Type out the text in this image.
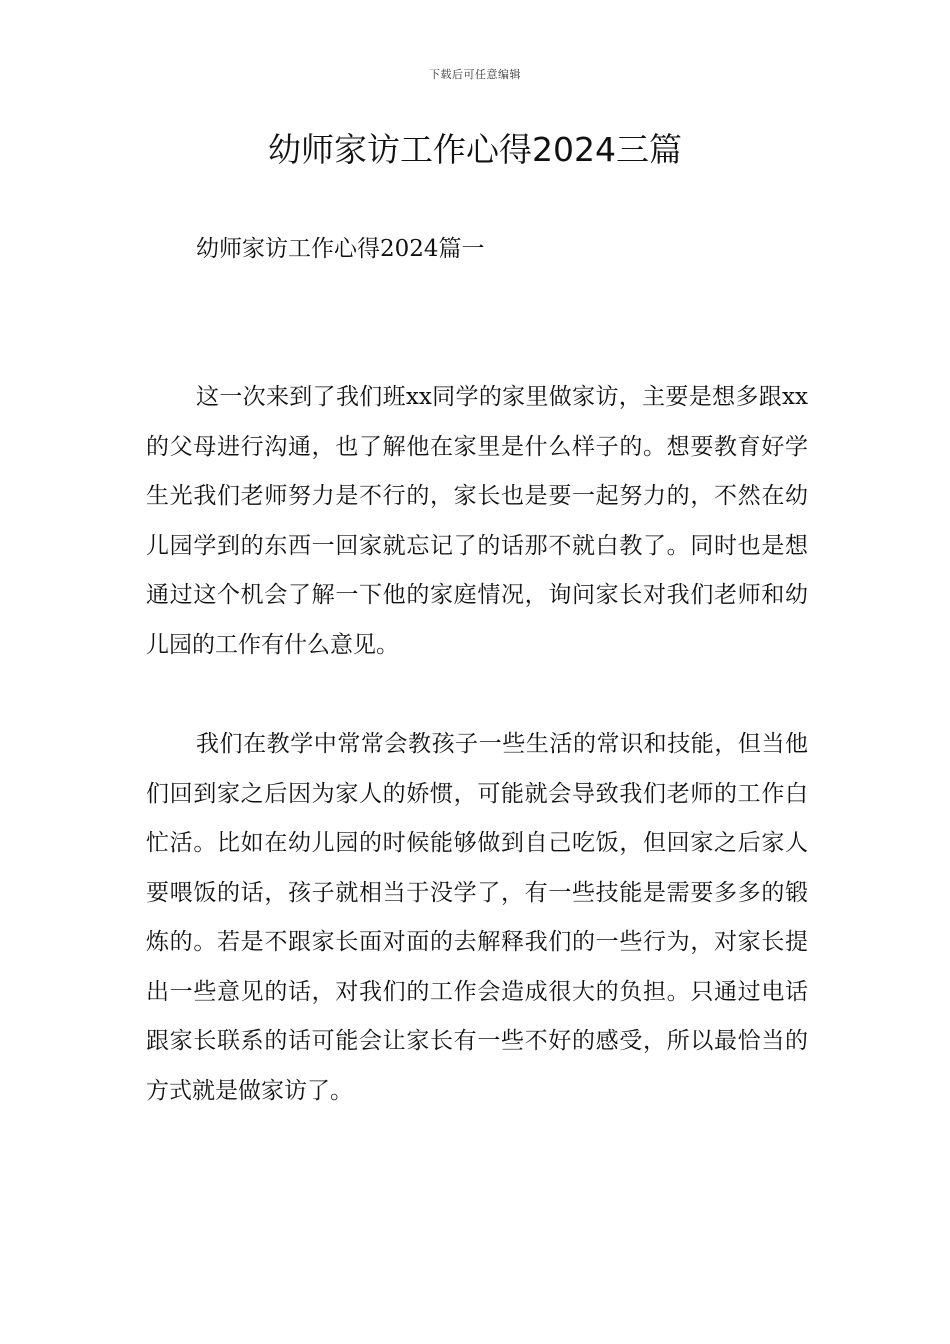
下载后可任意编辑
幼师家访工作心得2024三篇
幼师家访工作心得2024篇一

这一次来到了我们班xx同学的家里做家访，主要是想多跟xx的父母进行沟通，也了解他在家里是什么样子的。想要教育好学生光我们老师努力是不行的，家长也是要一起努力的，不然在幼儿园学到的东西一回家就忘记了的话那不就白教了。同时也是想通过这个机会了解一下他的家庭情况，询问家长对我们老师和幼儿园的工作有什么意见。

我们在教学中常常会教孩子一些生活的常识和技能，但当他们回到家之后因为家人的娇惯，可能就会导致我们老师的工作白忙活。比如在幼儿园的时候能够做到自己吃饭，但回家之后家人要喂饭的话，孩子就相当于没学了，有一些技能是需要多多的锻炼的。若是不跟家长面对面的去解释我们的一些行为，对家长提出一些意见的话，对我们的工作会造成很大的负担。只通过电话跟家长联系的话可能会让家长有一些不好的感受，所以最恰当的方式就是做家访了。
